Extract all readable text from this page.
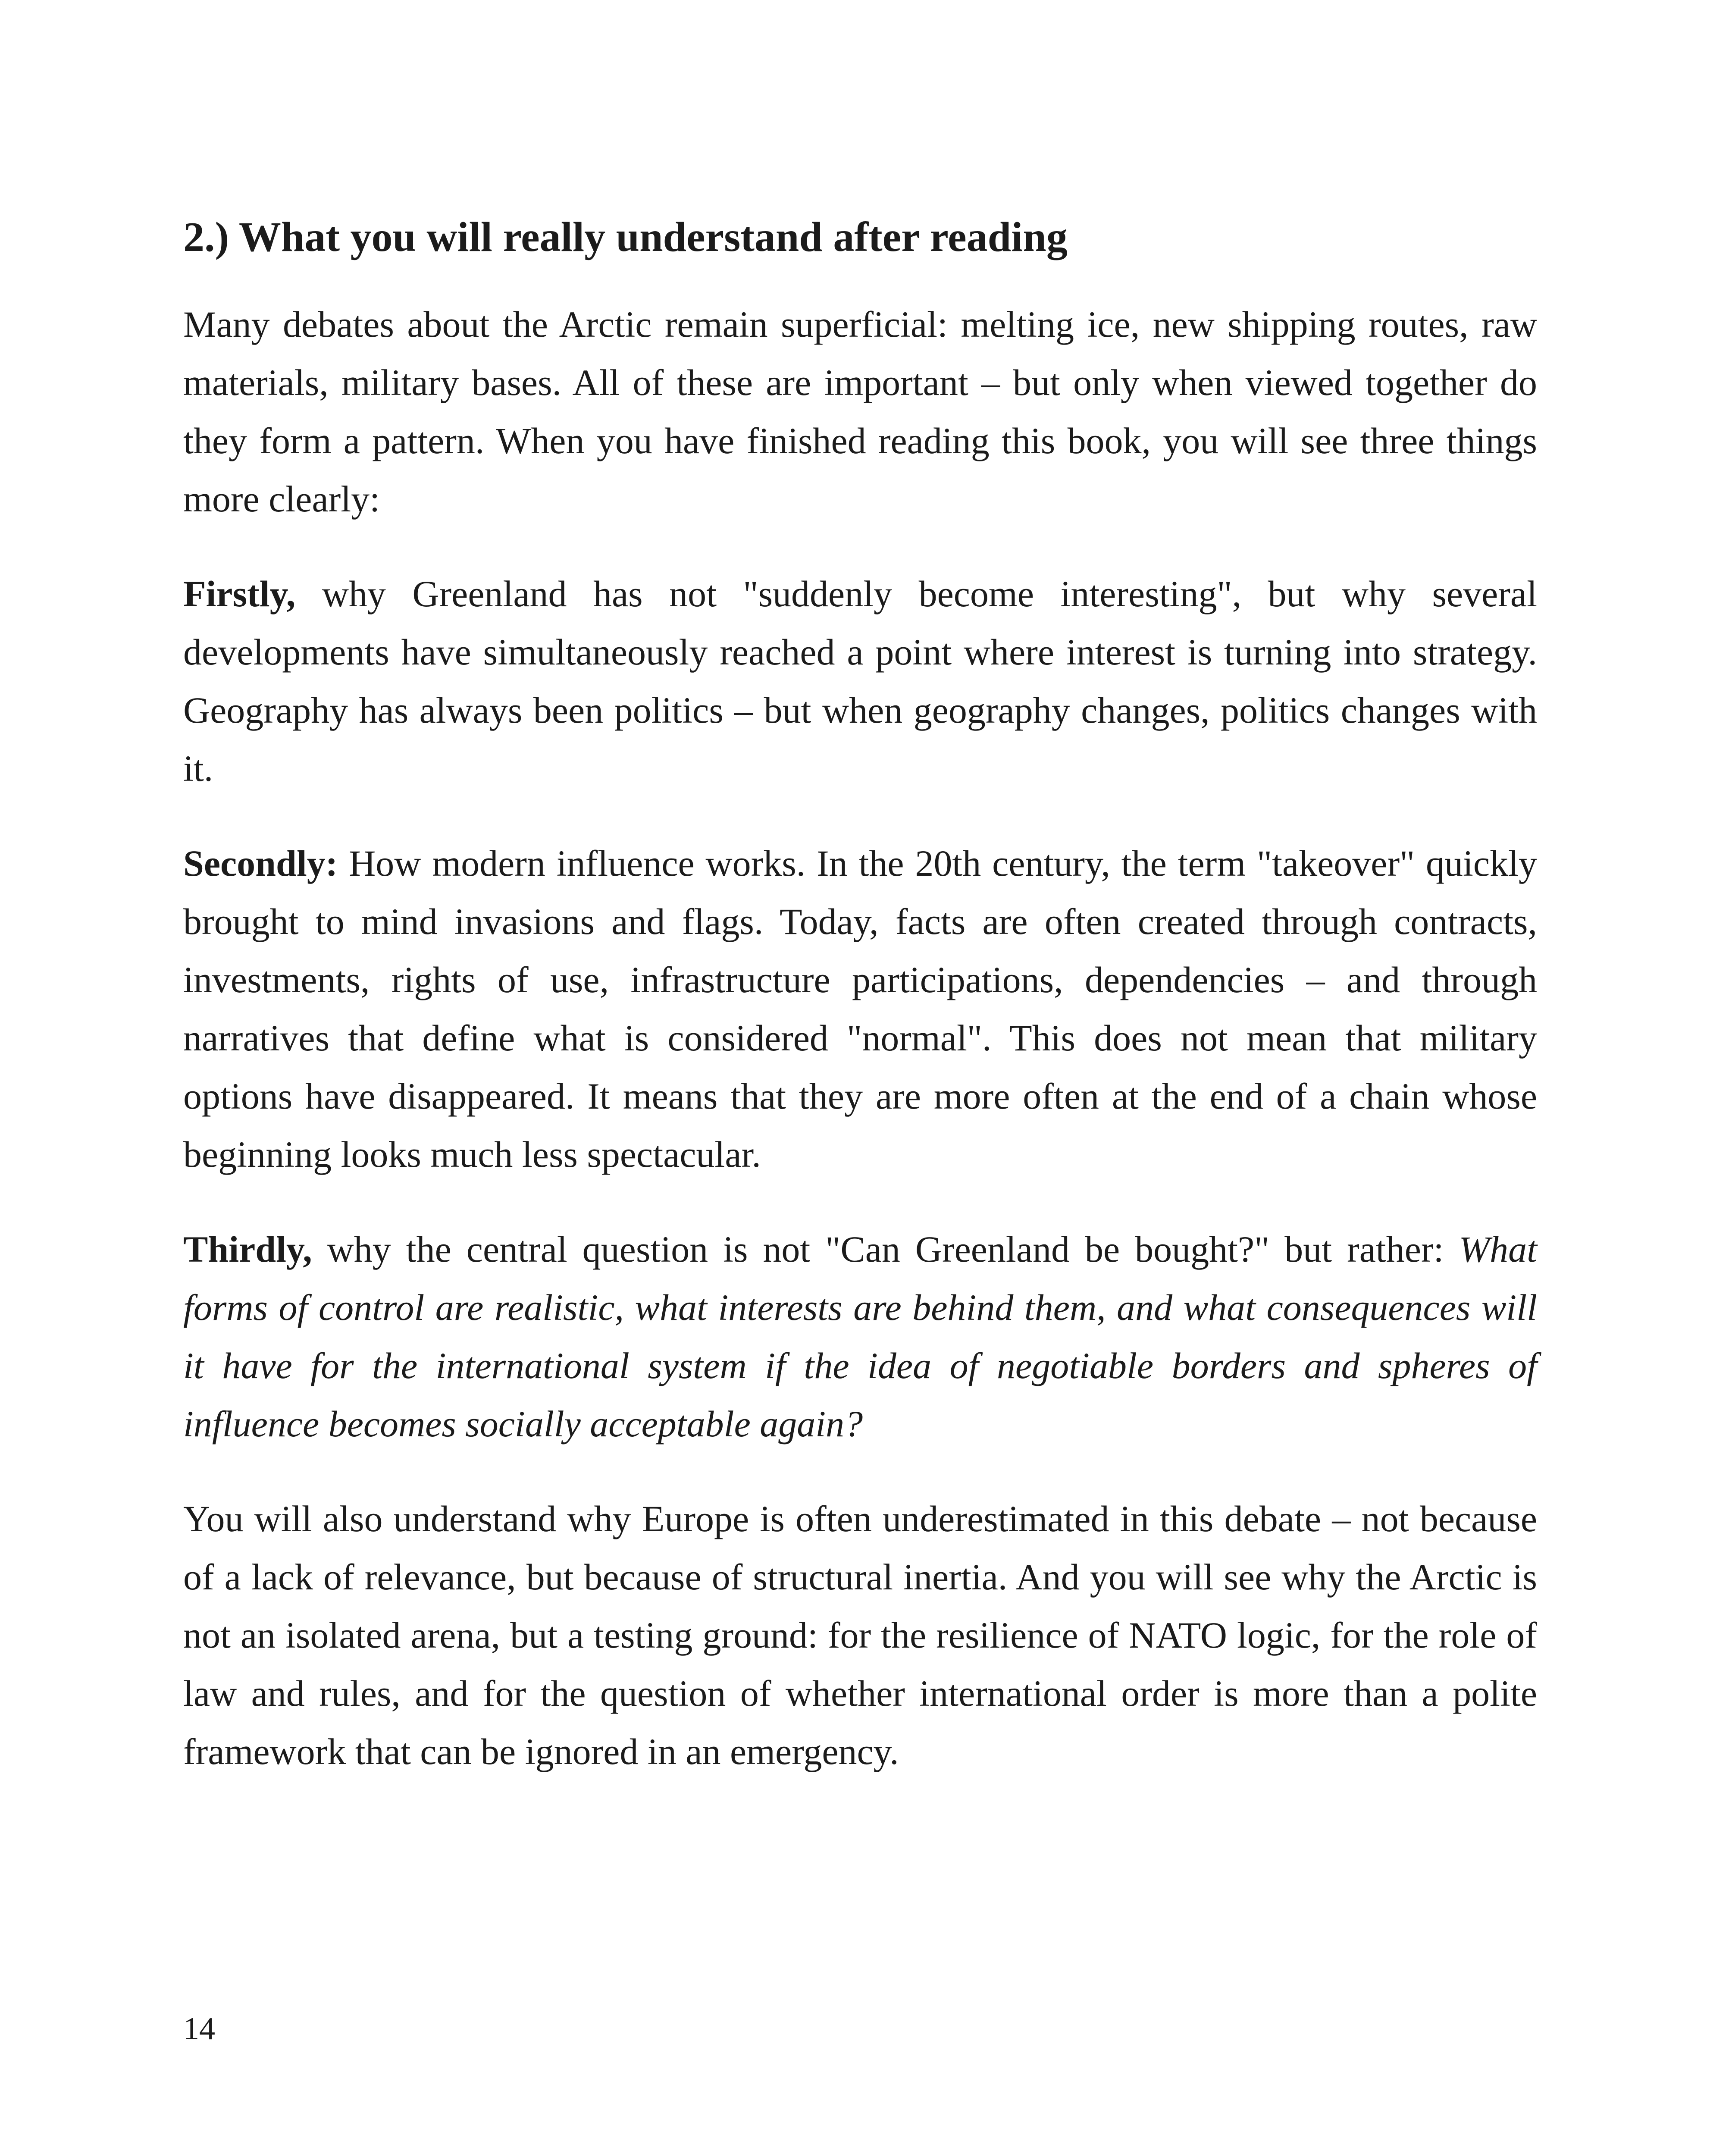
2.) What you will really understand after reading

Many debates about the Arctic remain superficial: melting ice, new shipping routes, raw materials, military bases. All of these are important – but only when viewed together do they form a pattern. When you have finished reading this book, you will see three things more clearly:

Firstly, why Greenland has not "suddenly become interesting", but why several developments have simultaneously reached a point where interest is turning into strategy. Geography has always been politics – but when geography changes, politics changes with it.

Secondly: How modern influence works. In the 20th century, the term "takeover" quickly brought to mind invasions and flags. Today, facts are often created through contracts, investments, rights of use, infrastructure participations, dependencies – and through narratives that define what is considered "normal". This does not mean that military options have disappeared. It means that they are more often at the end of a chain whose beginning looks much less spectacular.

Thirdly, why the central question is not "Can Greenland be bought?" but rather: What forms of control are realistic, what interests are behind them, and what consequences will it have for the international system if the idea of negotiable borders and spheres of influence becomes socially acceptable again?

You will also understand why Europe is often underestimated in this debate – not because of a lack of relevance, but because of structural inertia. And you will see why the Arctic is not an isolated arena, but a testing ground: for the resilience of NATO logic, for the role of law and rules, and for the question of whether international order is more than a polite framework that can be ignored in an emergency.

14
